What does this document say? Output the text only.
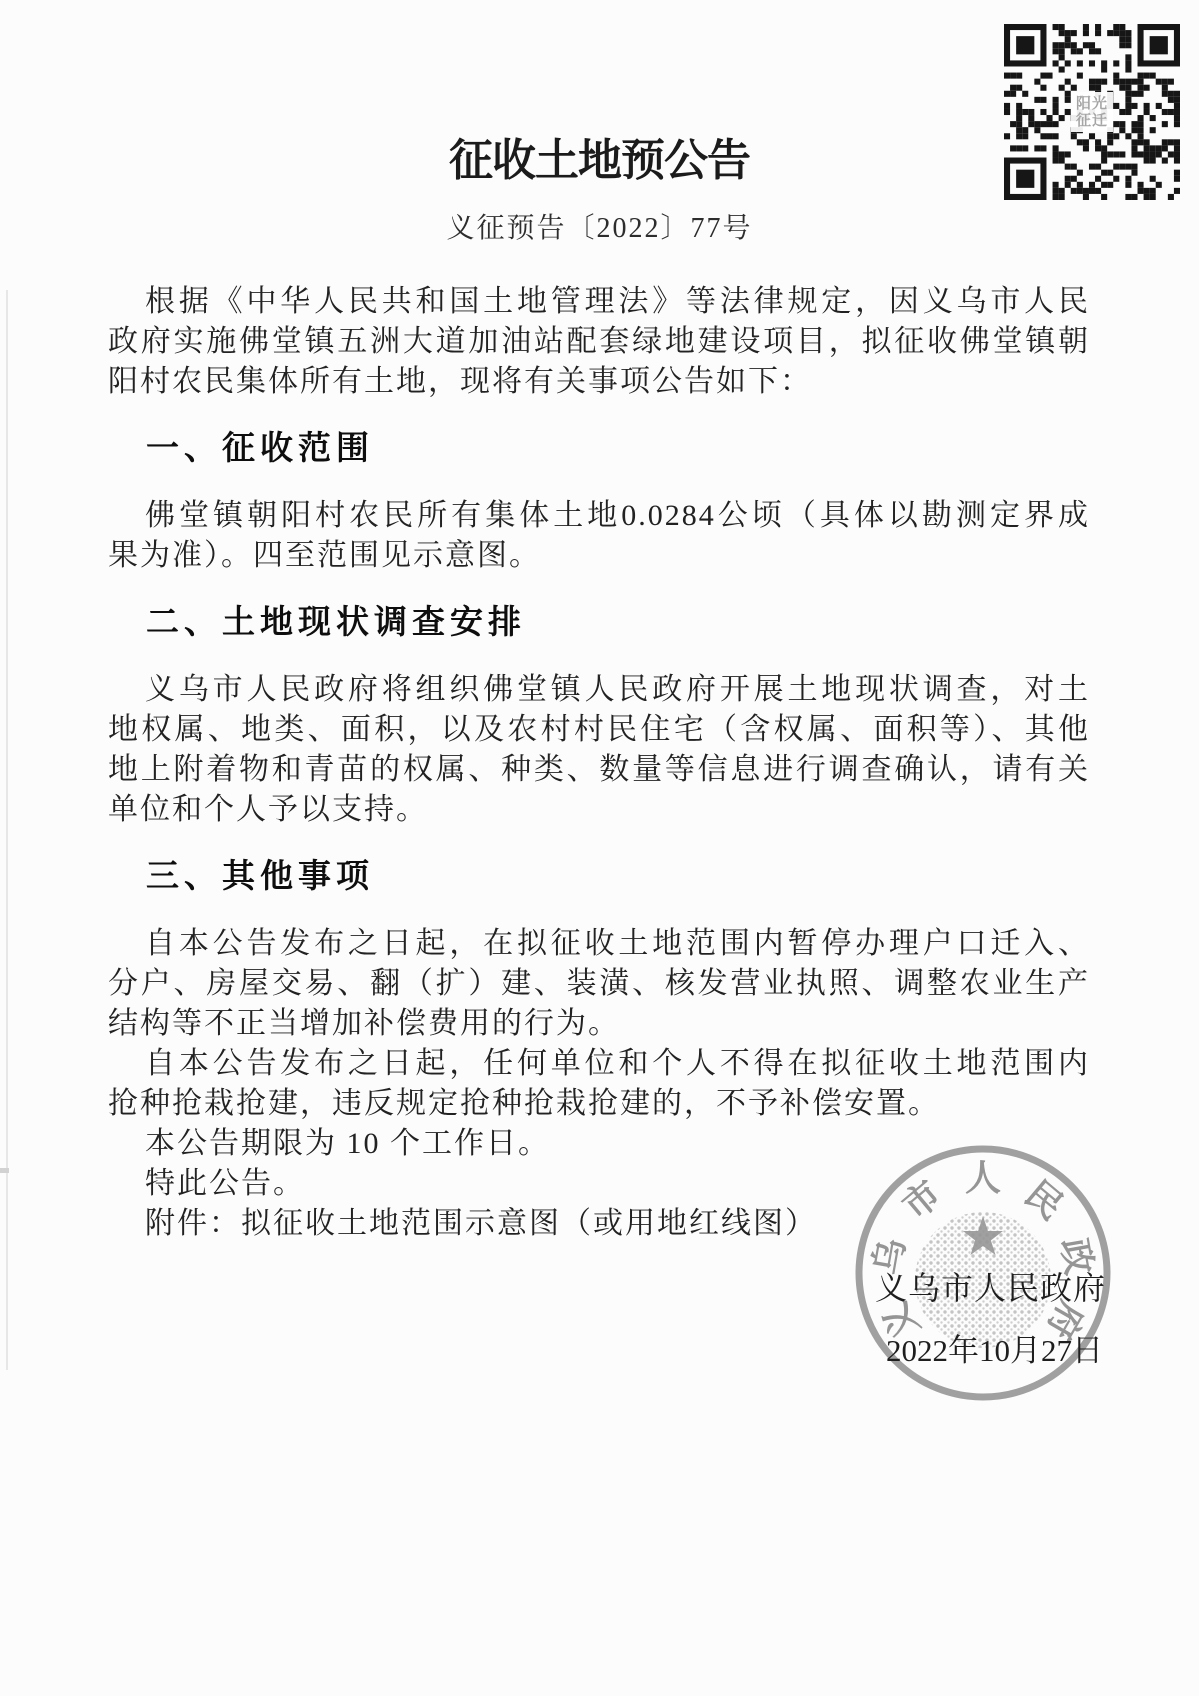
征收土地预公告
义征预告〔2022〕77号
根据《中华人民共和国土地管理法》等法律规定，因义乌市人民
政府实施佛堂镇五洲大道加油站配套绿地建设项目，拟征收佛堂镇朝
阳村农民集体所有土地，现将有关事项公告如下：
一、征收范围
佛堂镇朝阳村农民所有集体土地0.0284公顷（具体以勘测定界成
果为准）。四至范围见示意图。
二、土地现状调查安排
义乌市人民政府将组织佛堂镇人民政府开展土地现状调查，对土
地权属、地类、面积，以及农村村民住宅（含权属、面积等）、其他
地上附着物和青苗的权属、种类、数量等信息进行调查确认，请有关
单位和个人予以支持。
三、其他事项
自本公告发布之日起，在拟征收土地范围内暂停办理户口迁入、
分户、房屋交易、翻（扩）建、装潢、核发营业执照、调整农业生产
结构等不正当增加补偿费用的行为。
自本公告发布之日起，任何单位和个人不得在拟征收土地范围内
抢种抢栽抢建，违反规定抢种抢栽抢建的，不予补偿安置。
本公告期限为 10 个工作日。
特此公告。
附件：拟征收土地范围示意图（或用地红线图）
义乌市人民政府
2022年10月27日
阳光
征迁
义
乌
市 人 民
政
府
